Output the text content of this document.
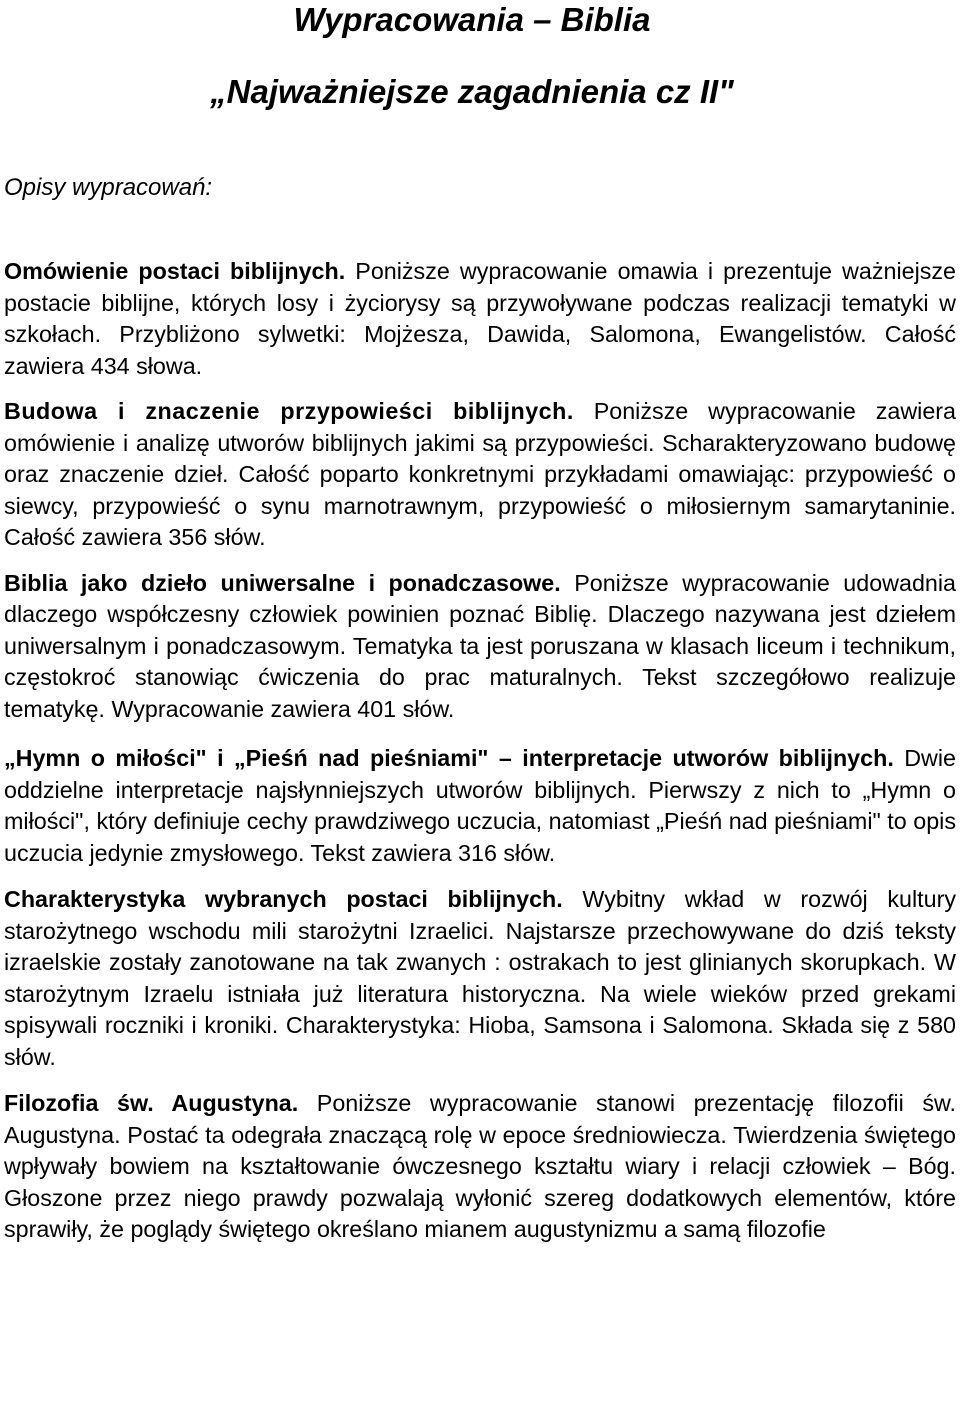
Wypracowania – Biblia
„Najważniejsze zagadnienia cz II"

Opisy wypracowań:

Omówienie postaci biblijnych. Poniższe wypracowanie omawia i prezentuje ważniejsze postacie biblijne, których losy i życiorysy są przywoływane podczas realizacji tematyki w szkołach. Przybliżono sylwetki: Mojżesza, Dawida, Salomona, Ewangelistów. Całość zawiera 434 słowa.

Budowa i znaczenie przypowieści biblijnych. Poniższe wypracowanie zawiera omówienie i analizę utworów biblijnych jakimi są przypowieści. Scharakteryzowano budowę oraz znaczenie dzieł. Całość poparto konkretnymi przykładami omawiając: przypowieść o siewcy, przypowieść o synu marnotrawnym, przypowieść o miłosiernym samarytaninie. Całość zawiera 356 słów.

Biblia jako dzieło uniwersalne i ponadczasowe. Poniższe wypracowanie udowadnia dlaczego współczesny człowiek powinien poznać Biblię. Dlaczego nazywana jest dziełem uniwersalnym i ponadczasowym. Tematyka ta jest poruszana w klasach liceum i technikum, częstokroć stanowiąc ćwiczenia do prac maturalnych. Tekst szczegółowo realizuje tematykę. Wypracowanie zawiera 401 słów.

„Hymn o miłości" i „Pieśń nad pieśniami" – interpretacje utworów biblijnych. Dwie oddzielne interpretacje najsłynniejszych utworów biblijnych. Pierwszy z nich to „Hymn o miłości", który definiuje cechy prawdziwego uczucia, natomiast „Pieśń nad pieśniami" to opis uczucia jedynie zmysłowego. Tekst zawiera 316 słów.

Charakterystyka wybranych postaci biblijnych. Wybitny wkład w rozwój kultury starożytnego wschodu mili starożytni Izraelici. Najstarsze przechowywane do dziś teksty izraelskie zostały zanotowane na tak zwanych : ostrakach to jest glinianych skorupkach. W starożytnym Izraelu istniała już literatura historyczna. Na wiele wieków przed grekami spisywali roczniki i kroniki. Charakterystyka: Hioba, Samsona i Salomona. Składa się z 580 słów.

Filozofia św. Augustyna. Poniższe wypracowanie stanowi prezentację filozofii św. Augustyna. Postać ta odegrała znaczącą rolę w epoce średniowiecza. Twierdzenia świętego wpływały bowiem na kształtowanie ówczesnego kształtu wiary i relacji człowiek – Bóg. Głoszone przez niego prawdy pozwalają wyłonić szereg dodatkowych elementów, które sprawiły, że poglądy świętego określano mianem augustynizmu a samą filozofie
